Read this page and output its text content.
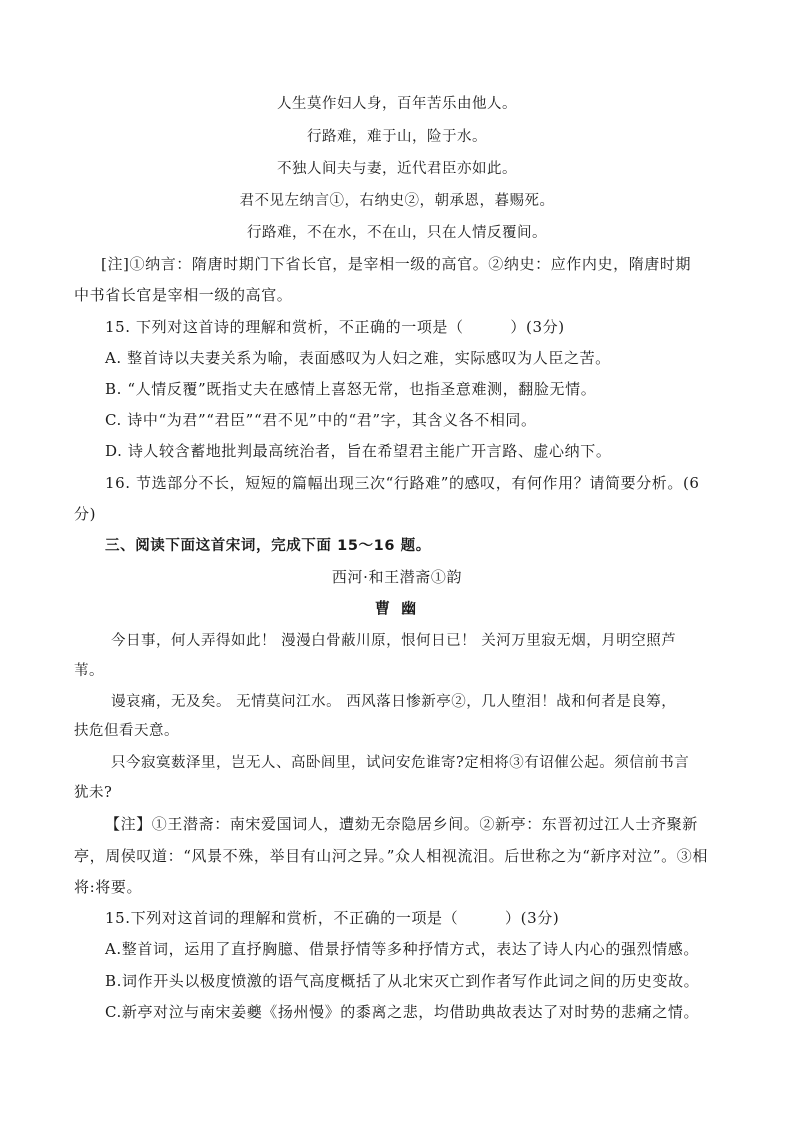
人生莫作妇人身，百年苦乐由他人。
行路难，难于山，险于水。
不独人间夫与妻，近代君臣亦如此。
君不见左纳言①，右纳史②，朝承恩，暮赐死。
行路难，不在水，不在山，只在人情反覆间。
[注]①纳言：隋唐时期门下省长官，是宰相一级的高官。②纳史：应作内史，隋唐时期
中书省长官是宰相一级的高官。
15. 下列对这首诗的理解和赏析，不正确的一项是（　　　）(3分)
A. 整首诗以夫妻关系为喻，表面感叹为人妇之难，实际感叹为人臣之苦。
B. “人情反覆”既指丈夫在感情上喜怒无常，也指圣意难测，翻脸无情。
C. 诗中“为君”“君臣”“君不见”中的“君”字，其含义各不相同。
D. 诗人较含蓄地批判最高统治者，旨在希望君主能广开言路、虚心纳下。
16. 节选部分不长，短短的篇幅出现三次“行路难”的感叹，有何作用？请简要分析。(6
分)
三、阅读下面这首宋词，完成下面 15～16 题。
西河·和王潜斋①韵
曹 幽
今日事，何人弄得如此！ 漫漫白骨蔽川原，恨何日已！ 关河万里寂无烟，月明空照芦
苇。
谩哀痛，无及矣。 无情莫问江水。 西风落日惨新亭②，几人堕泪！战和何者是良筹，
扶危但看天意。
只今寂寞薮泽里，岂无人、高卧闾里，试问安危谁寄?定相将③有诏催公起。须信前书言
犹未?
【注】①王潜斋：南宋爱国词人，遭劾无奈隐居乡间。②新亭：东晋初过江人士齐聚新
亭，周侯叹道：“风景不殊，举目有山河之异。”众人相视流泪。后世称之为“新序对泣”。③相
将:将要。
15.下列对这首词的理解和赏析，不正确的一项是（　　　）(3分)
A.整首词，运用了直抒胸臆、借景抒情等多种抒情方式，表达了诗人内心的强烈情感。
B.词作开头以极度愤激的语气高度概括了从北宋灭亡到作者写作此词之间的历史变故。
C.新亭对泣与南宋姜夔《扬州慢》的黍离之悲，均借助典故表达了对时势的悲痛之情。
